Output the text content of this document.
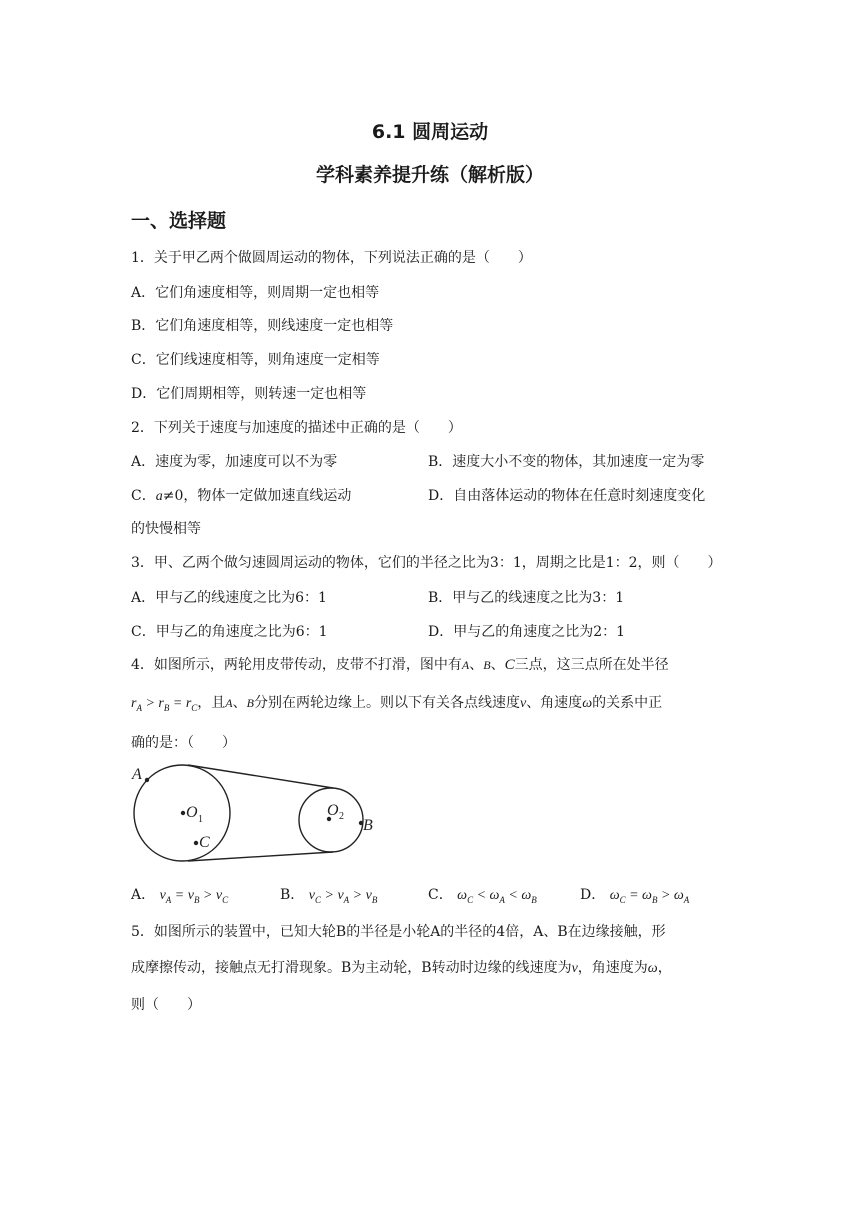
6.1 圆周运动
学科素养提升练（解析版）
一、选择题
1．关于甲乙两个做圆周运动的物体，下列说法正确的是（　　）
A．它们角速度相等，则周期一定也相等
B．它们角速度相等，则线速度一定也相等
C．它们线速度相等，则角速度一定相等
D．它们周期相等，则转速一定也相等
2．下列关于速度与加速度的描述中正确的是（　　）
A．速度为零，加速度可以不为零	B．速度大小不变的物体，其加速度一定为零
C．a≠0，物体一定做加速直线运动	D．自由落体运动的物体在任意时刻速度变化
的快慢相等
3．甲、乙两个做匀速圆周运动的物体，它们的半径之比为3：1，周期之比是1：2，则（　　）
A．甲与乙的线速度之比为6：1	B．甲与乙的线速度之比为3：1
C．甲与乙的角速度之比为6：1	D．甲与乙的角速度之比为2：1
4．如图所示，两轮用皮带传动，皮带不打滑，图中有A、B、C三点，这三点所在处半径
$r_A > r_B = r_C$，且A、B分别在两轮边缘上。则以下有关各点线速度v、角速度ω的关系中正
确的是：（　　）
A
O 1
C
O 2
B
A． $v_A = v_B > v_C$	B． $v_C > v_A > v_B$	C． $\omega_C < \omega_A < \omega_B$	D． $\omega_C = \omega_B > \omega_A$
5．如图所示的装置中，已知大轮B的半径是小轮A的半径的4倍，A、B在边缘接触，形
成摩擦传动，接触点无打滑现象。B为主动轮，B转动时边缘的线速度为v，角速度为ω，
则（　　）
